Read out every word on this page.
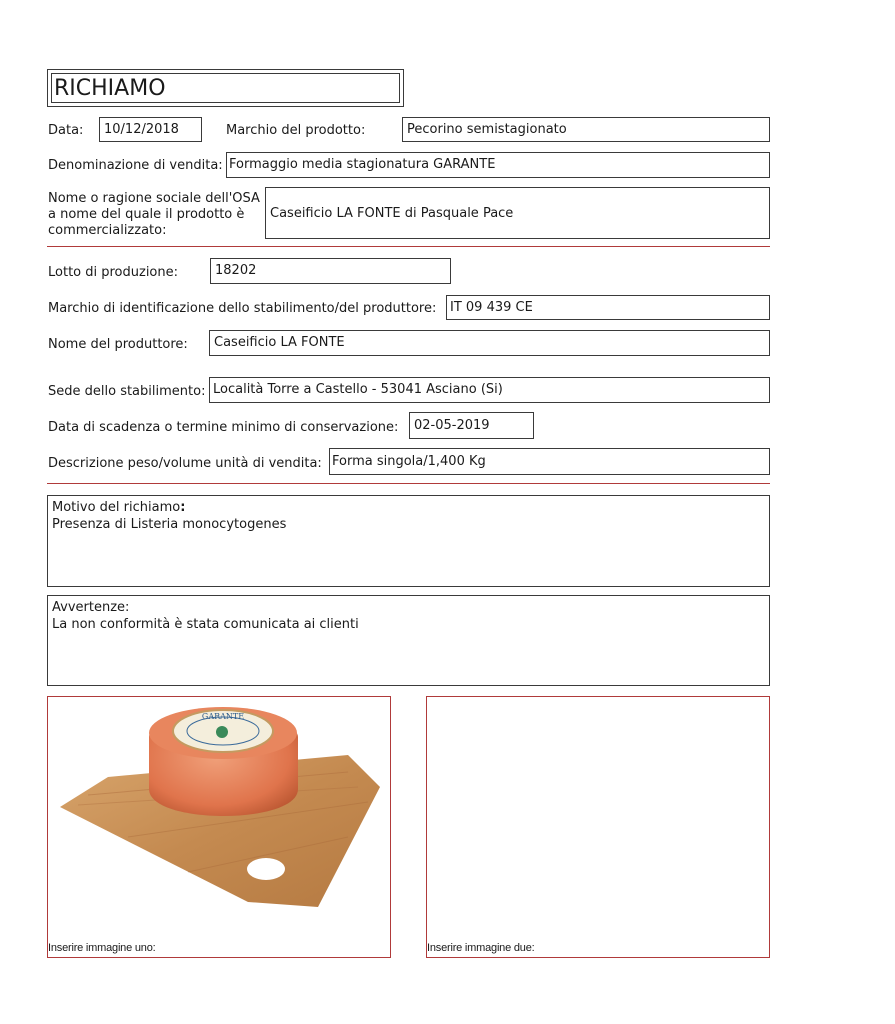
RICHIAMO
Data:	10/12/2018	Marchio del prodotto:	Pecorino semistagionato
Denominazione di vendita: Formaggio media stagionatura GARANTE
Nome o ragione sociale dell'OSA
a nome del quale il prodotto è
commercializzato:
Caseificio LA FONTE di Pasquale Pace
Lotto di produzione:	18202
Marchio di identificazione dello stabilimento/del produttore:	IT 09 439 CE
Nome del produttore:	Caseificio LA FONTE
Sede dello stabilimento: Località Torre a Castello - 53041 Asciano (Si)
Data di scadenza o termine minimo di conservazione:	02-05-2019
Descrizione peso/volume unità di vendita: Forma singola/1,400 Kg
Motivo del richiamo:
Presenza di Listeria monocytogenes
Avvertenze:
La non conformità è stata comunicata ai clienti
GARANTE
Inserire immagine uno:	Inserire immagine due:
